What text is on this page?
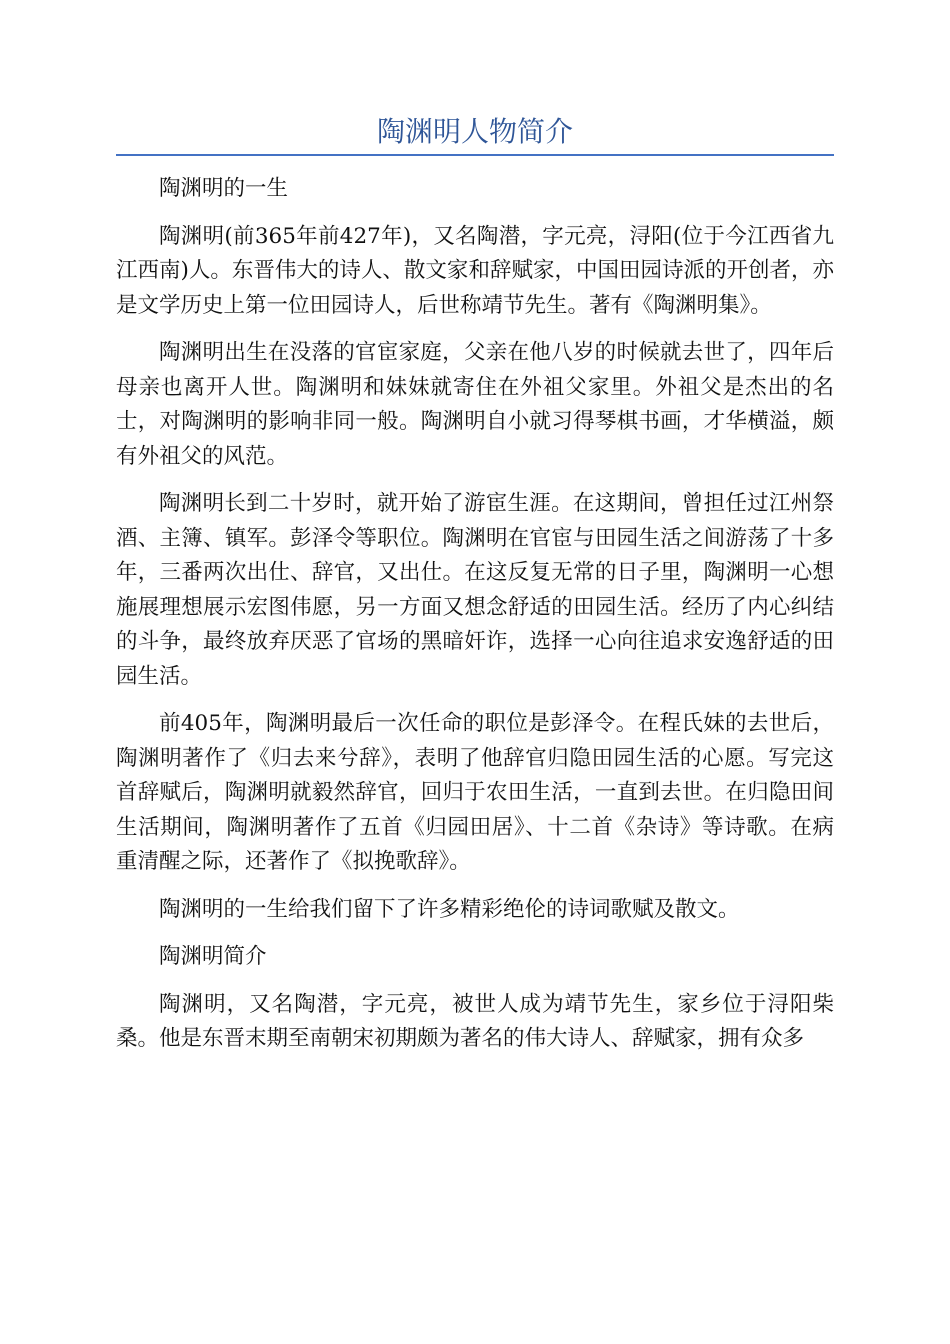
陶渊明人物简介

陶渊明的一生

陶渊明(前365年前427年)，又名陶潜，字元亮，浔阳(位于今江西省九江西南)人。东晋伟大的诗人、散文家和辞赋家，中国田园诗派的开创者，亦是文学历史上第一位田园诗人，后世称靖节先生。著有《陶渊明集》。

陶渊明出生在没落的官宦家庭，父亲在他八岁的时候就去世了，四年后母亲也离开人世。陶渊明和妹妹就寄住在外祖父家里。外祖父是杰出的名士，对陶渊明的影响非同一般。陶渊明自小就习得琴棋书画，才华横溢，颇有外祖父的风范。

陶渊明长到二十岁时，就开始了游宦生涯。在这期间，曾担任过江州祭酒、主簿、镇军。彭泽令等职位。陶渊明在官宦与田园生活之间游荡了十多年，三番两次出仕、辞官，又出仕。在这反复无常的日子里，陶渊明一心想施展理想展示宏图伟愿，另一方面又想念舒适的田园生活。经历了内心纠结的斗争，最终放弃厌恶了官场的黑暗奸诈，选择一心向往追求安逸舒适的田园生活。

前405年，陶渊明最后一次任命的职位是彭泽令。在程氏妹的去世后，陶渊明著作了《归去来兮辞》，表明了他辞官归隐田园生活的心愿。写完这首辞赋后，陶渊明就毅然辞官，回归于农田生活，一直到去世。在归隐田间生活期间，陶渊明著作了五首《归园田居》、十二首《杂诗》等诗歌。在病重清醒之际，还著作了《拟挽歌辞》。

陶渊明的一生给我们留下了许多精彩绝伦的诗词歌赋及散文。

陶渊明简介

陶渊明，又名陶潜，字元亮，被世人成为靖节先生，家乡位于浔阳柴桑。他是东晋末期至南朝宋初期颇为著名的伟大诗人、辞赋家，拥有众多
